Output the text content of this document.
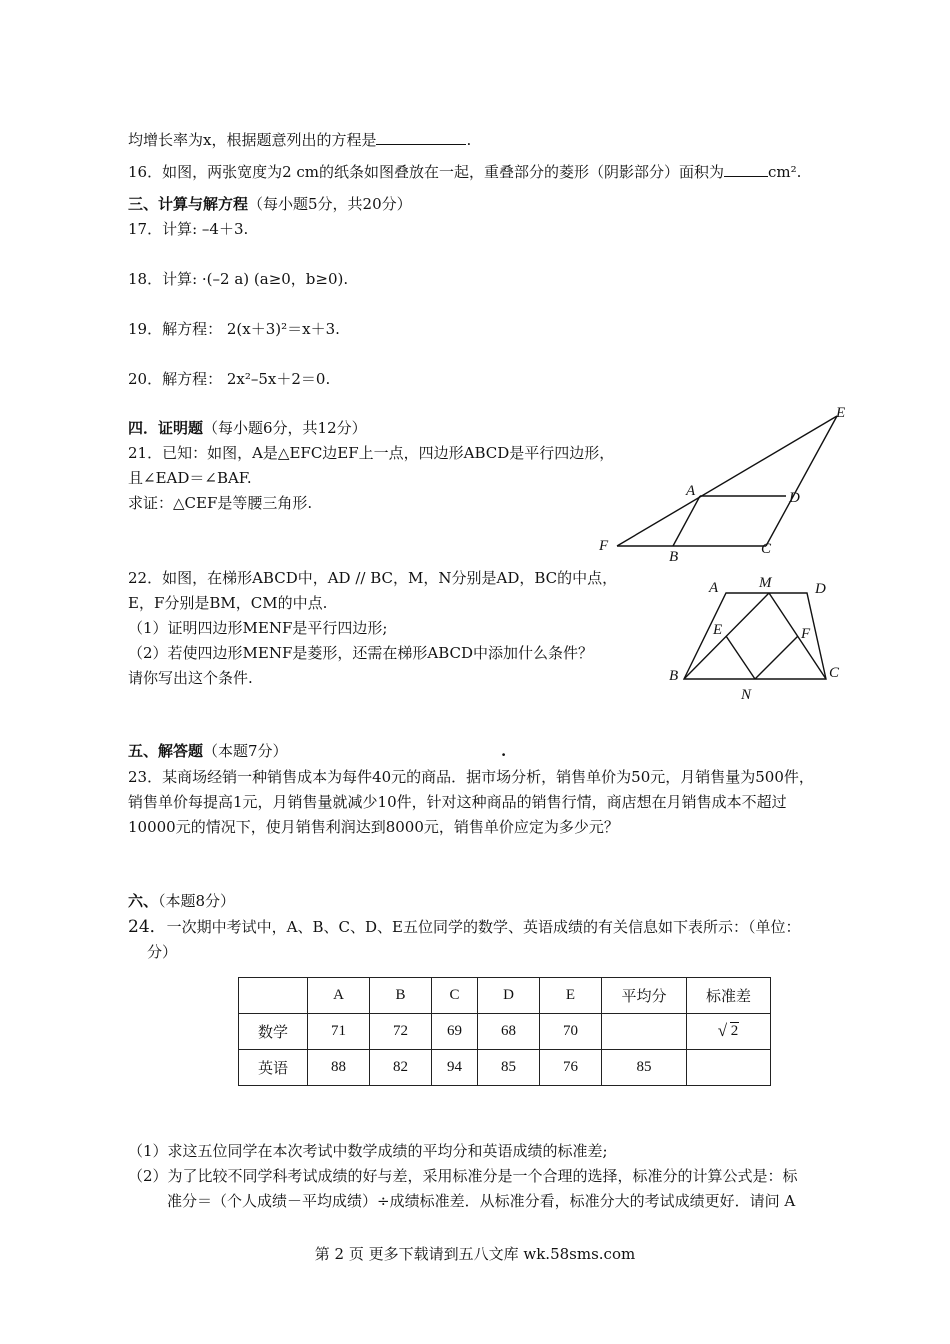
均增长率为x，根据题意列出的方程是	.
16．如图，两张宽度为2 cm的纸条如图叠放在一起，重叠部分的菱形（阴影部分）面积为	cm².
三、计算与解方程（每小题5分，共20分）
17．计算: –4＋3.
18．计算: ·(–2 a) (a≥0，b≥0).
19．解方程： 2(x＋3)²＝x＋3.
20．解方程： 2x²–5x＋2＝0.
四．证明题（每小题6分，共12分）
21．已知：如图，A是△EFC边EF上一点，四边形ABCD是平行四边形，
且∠EAD＝∠BAF.
求证：△CEF是等腰三角形.
E
A	D
F
B	C
22．如图，在梯形ABCD中，AD // BC，M，N分别是AD，BC的中点，
E，F分别是BM，CM的中点.
（1）证明四边形MENF是平行四边形;
（2）若使四边形MENF是菱形，还需在梯形ABCD中添加什么条件？
请你写出这个条件.
A	M	D
E	F
B	C
N
五、解答题（本题7分）	.
23．某商场经销一种销售成本为每件40元的商品．据市场分析，销售单价为50元，月销售量为500件，
销售单价每提高1元，月销售量就减少10件，针对这种商品的销售行情，商店想在月销售成本不超过
10000元的情况下，使月销售利润达到8000元，销售单价应定为多少元？
六、（本题8分）
24．一次期中考试中，A、B、C、D、E五位同学的数学、英语成绩的有关信息如下表所示：（单位：
分）
	A	B	C	D	E	平均分	标准差
数学	71	72	69	68	70		√ 2
英语	88	82	94	85	76	85	
（1）求这五位同学在本次考试中数学成绩的平均分和英语成绩的标准差;
（2）为了比较不同学科考试成绩的好与差，采用标准分是一个合理的选择，标准分的计算公式是：标
准分＝（个人成绩－平均成绩）÷成绩标准差．从标准分看，标准分大的考试成绩更好．请问 A
第 2 页 更多下载请到五八文库 wk.58sms.com
